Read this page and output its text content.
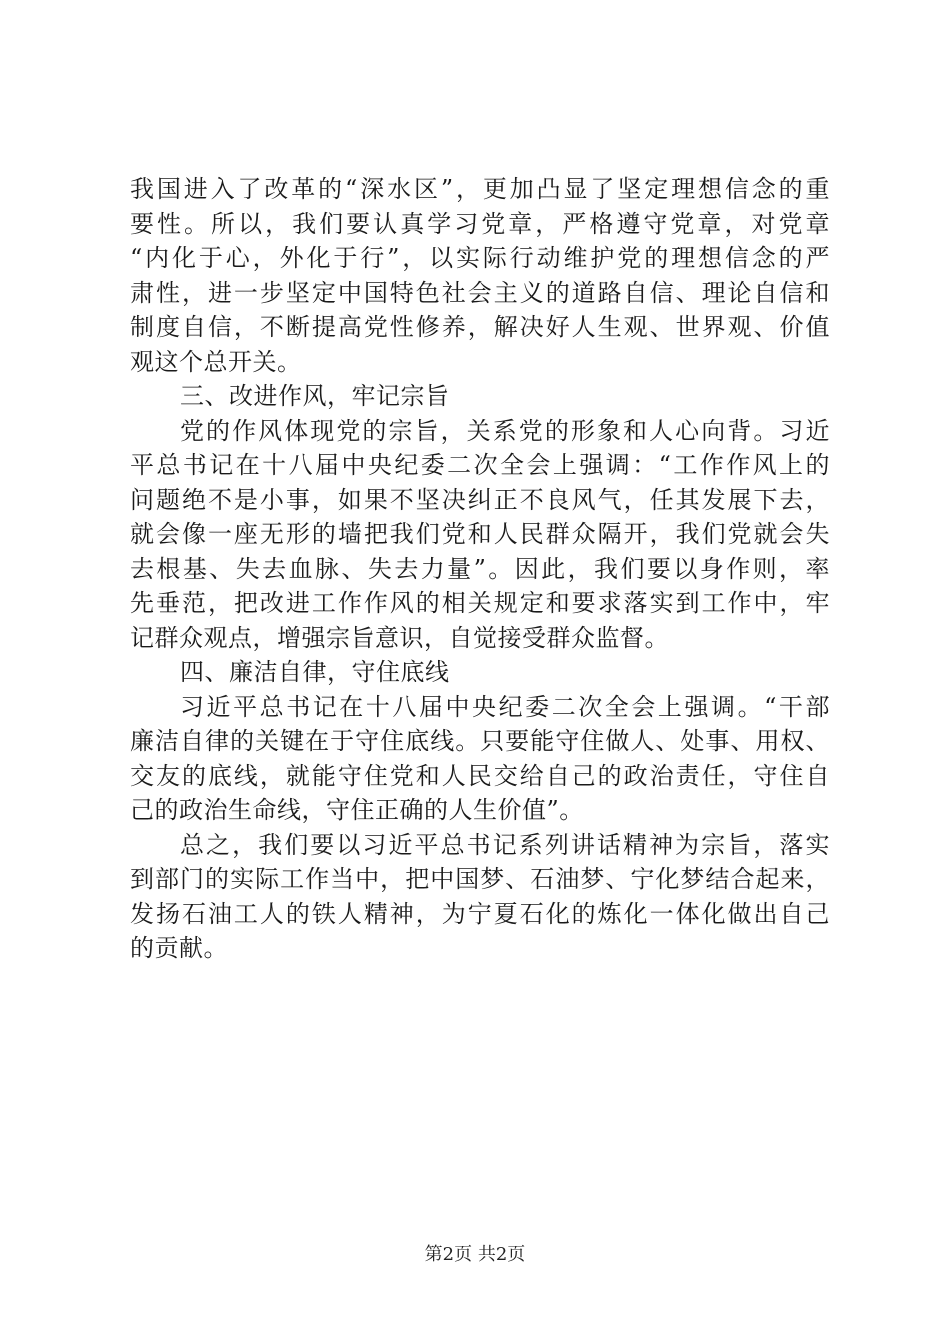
我国进入了改革的“深水区”，更加凸显了坚定理想信念的重
要性。所以，我们要认真学习党章，严格遵守党章，对党章
“内化于心，外化于行”，以实际行动维护党的理想信念的严
肃性，进一步坚定中国特色社会主义的道路自信、理论自信和
制度自信，不断提高党性修养，解决好人生观、世界观、价值
观这个总开关。
三、改进作风，牢记宗旨
党的作风体现党的宗旨，关系党的形象和人心向背。习近
平总书记在十八届中央纪委二次全会上强调：“工作作风上的
问题绝不是小事，如果不坚决纠正不良风气，任其发展下去，
就会像一座无形的墙把我们党和人民群众隔开，我们党就会失
去根基、失去血脉、失去力量”。因此，我们要以身作则，率
先垂范，把改进工作作风的相关规定和要求落实到工作中，牢
记群众观点，增强宗旨意识，自觉接受群众监督。
四、廉洁自律，守住底线
习近平总书记在十八届中央纪委二次全会上强调。“干部
廉洁自律的关键在于守住底线。只要能守住做人、处事、用权、
交友的底线，就能守住党和人民交给自己的政治责任，守住自
己的政治生命线，守住正确的人生价值”。
总之，我们要以习近平总书记系列讲话精神为宗旨，落实
到部门的实际工作当中，把中国梦、石油梦、宁化梦结合起来，
发扬石油工人的铁人精神，为宁夏石化的炼化一体化做出自己
的贡献。
第2页 共2页
